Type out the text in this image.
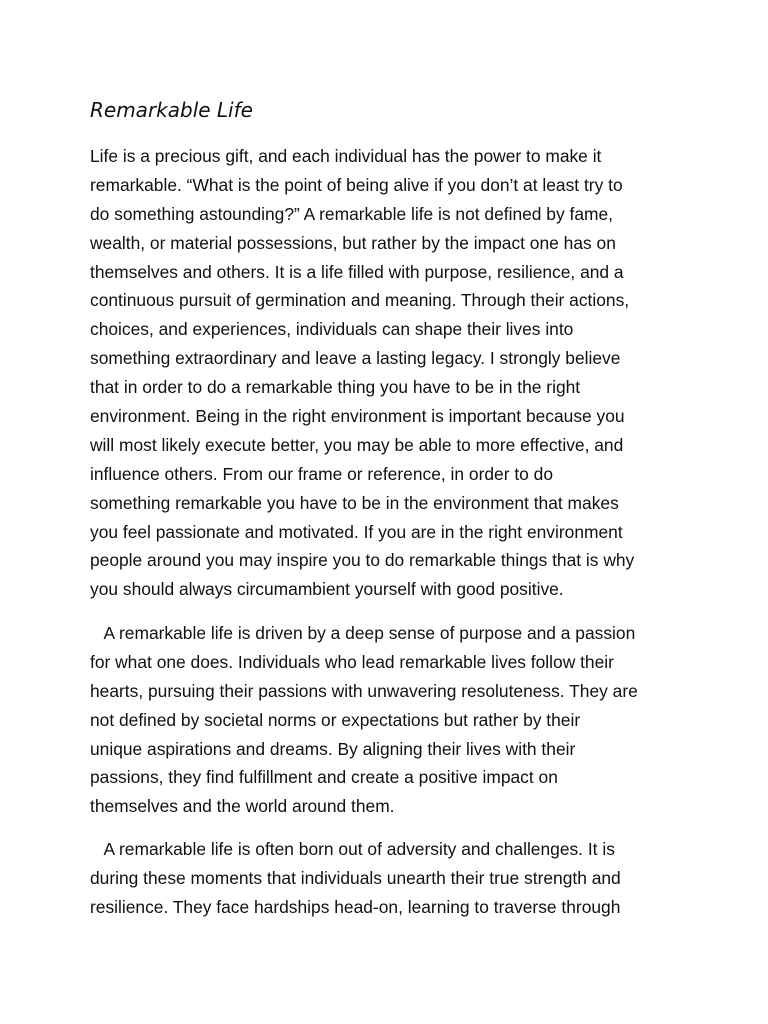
Remarkable Life
Life is a precious gift, and each individual has the power to make it
remarkable. “What is the point of being alive if you don’t at least try to
do something astounding?” A remarkable life is not defined by fame,
wealth, or material possessions, but rather by the impact one has on
themselves and others. It is a life filled with purpose, resilience, and a
continuous pursuit of germination and meaning. Through their actions,
choices, and experiences, individuals can shape their lives into
something extraordinary and leave a lasting legacy. I strongly believe
that in order to do a remarkable thing you have to be in the right
environment. Being in the right environment is important because you
will most likely execute better, you may be able to more effective, and
influence others. From our frame or reference, in order to do
something remarkable you have to be in the environment that makes
you feel passionate and motivated. If you are in the right environment
people around you may inspire you to do remarkable things that is why
you should always circumambient yourself with good positive.
A remarkable life is driven by a deep sense of purpose and a passion
for what one does. Individuals who lead remarkable lives follow their
hearts, pursuing their passions with unwavering resoluteness. They are
not defined by societal norms or expectations but rather by their
unique aspirations and dreams. By aligning their lives with their
passions, they find fulfillment and create a positive impact on
themselves and the world around them.
A remarkable life is often born out of adversity and challenges. It is
during these moments that individuals unearth their true strength and
resilience. They face hardships head-on, learning to traverse through
